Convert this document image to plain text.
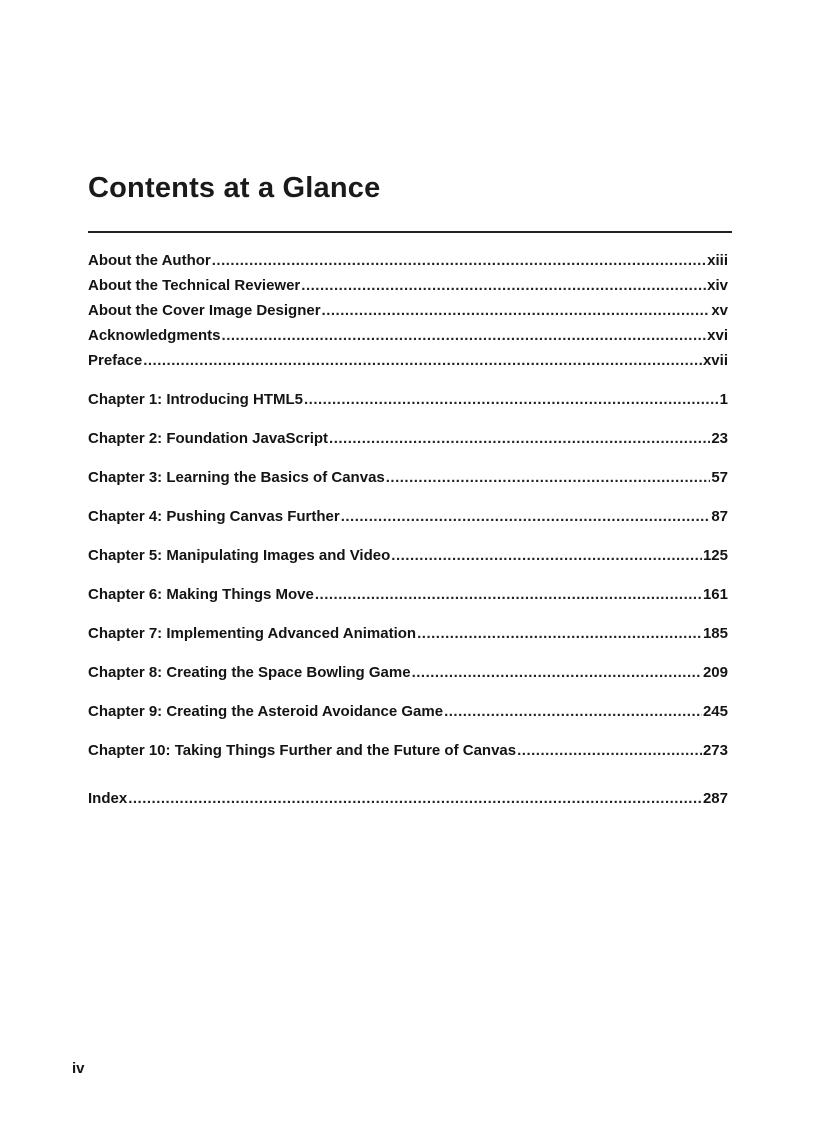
Contents at a Glance
About the Author .....	xiii
About the Technical Reviewer .....	xiv
About the Cover Image Designer .....	xv
Acknowledgments .....	xvi
Preface .....	xvii
Chapter 1: Introducing HTML5 .....	1
Chapter 2: Foundation JavaScript .....	23
Chapter 3: Learning the Basics of Canvas .....	57
Chapter 4: Pushing Canvas Further .....	87
Chapter 5: Manipulating Images and Video .....	125
Chapter 6: Making Things Move .....	161
Chapter 7: Implementing Advanced Animation .....	185
Chapter 8: Creating the Space Bowling Game .....	209
Chapter 9: Creating the Asteroid Avoidance Game .....	245
Chapter 10: Taking Things Further and the Future of Canvas .....	273
Index .....	287

iv
